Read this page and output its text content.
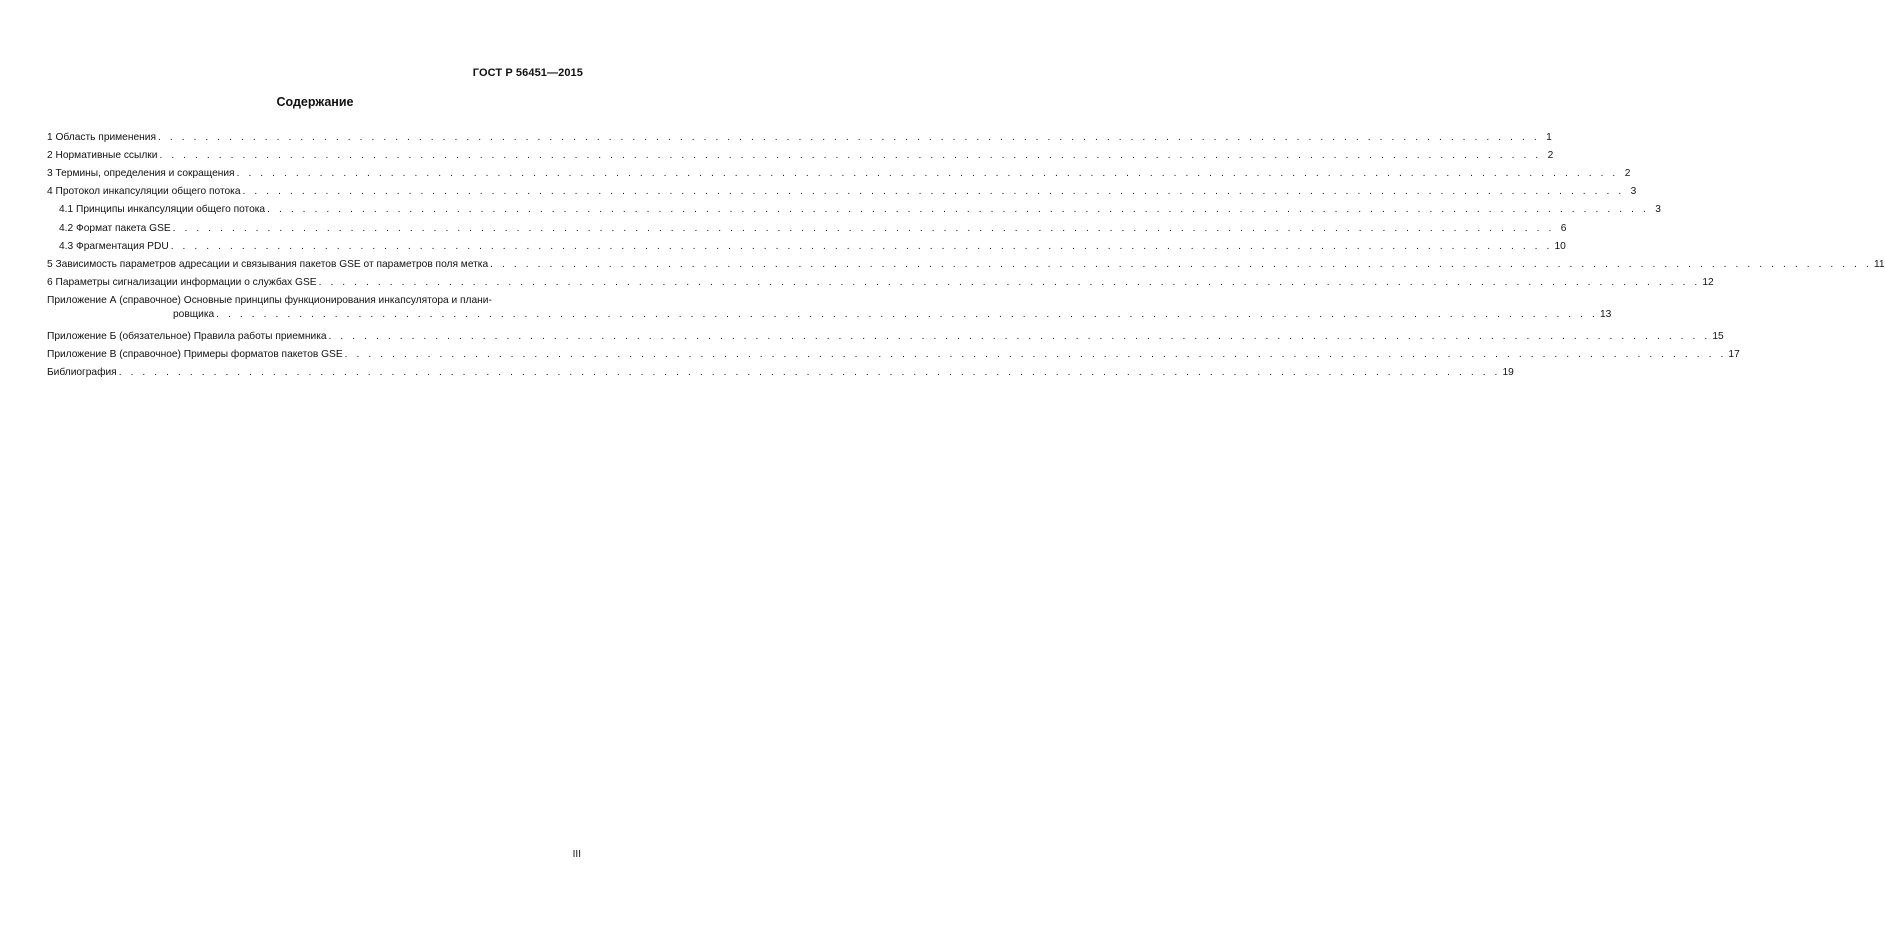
ГОСТ Р 56451—2015
Содержание
1 Область применения . . .	1
2 Нормативные ссылки . . .	2
3 Термины, определения и сокращения . . .	2
4 Протокол инкапсуляции общего потока . . .	3
4.1 Принципы инкапсуляции общего потока . . .	3
4.2 Формат пакета GSE . . .	6
4.3 Фрагментация PDU . . .	10
5 Зависимость параметров адресации и связывания пакетов GSE от параметров поля метка . . .	11
6 Параметры сигнализации информации о службах GSE . . .	12
Приложение А (справочное) Основные принципы функционирования инкапсулятора и плани-
ровщика . . .	13
Приложение Б (обязательное) Правила работы приемника . . .	15
Приложение В (справочное) Примеры форматов пакетов GSE . . .	17
Библиография . . .	19
III
